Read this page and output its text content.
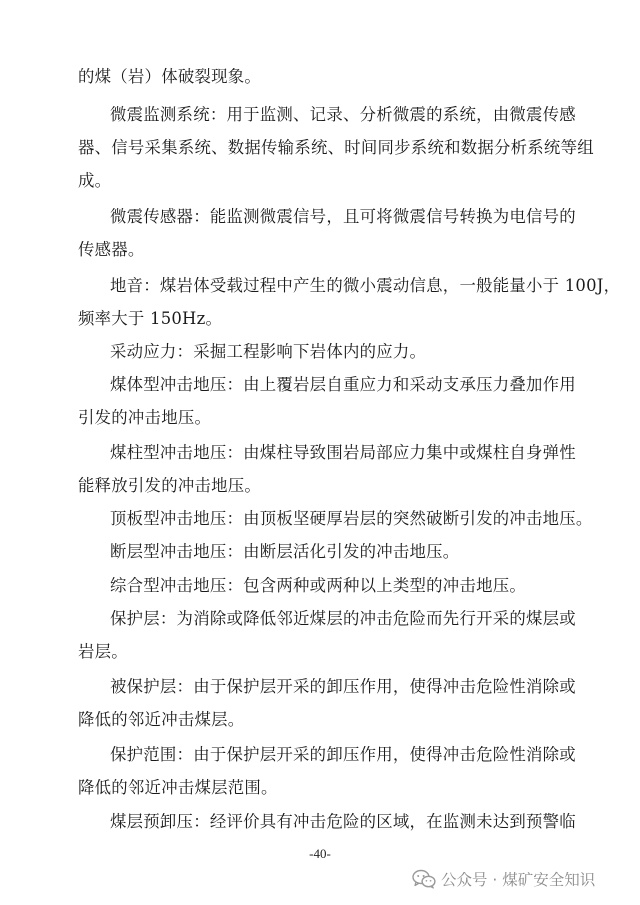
的煤（岩）体破裂现象。
微震监测系统：用于监测、记录、分析微震的系统，由微震传感
器、信号采集系统、数据传输系统、时间同步系统和数据分析系统等组
成。
微震传感器：能监测微震信号，且可将微震信号转换为电信号的
传感器。
地音：煤岩体受载过程中产生的微小震动信息，一般能量小于 100J，
频率大于 150Hz。
采动应力：采掘工程影响下岩体内的应力。
煤体型冲击地压：由上覆岩层自重应力和采动支承压力叠加作用
引发的冲击地压。
煤柱型冲击地压：由煤柱导致围岩局部应力集中或煤柱自身弹性
能释放引发的冲击地压。
顶板型冲击地压：由顶板坚硬厚岩层的突然破断引发的冲击地压。
断层型冲击地压：由断层活化引发的冲击地压。
综合型冲击地压：包含两种或两种以上类型的冲击地压。
保护层：为消除或降低邻近煤层的冲击危险而先行开采的煤层或
岩层。
被保护层：由于保护层开采的卸压作用，使得冲击危险性消除或
降低的邻近冲击煤层。
保护范围：由于保护层开采的卸压作用，使得冲击危险性消除或
降低的邻近冲击煤层范围。
煤层预卸压：经评价具有冲击危险的区域，在监测未达到预警临
-40-
公众号 · 煤矿安全知识
